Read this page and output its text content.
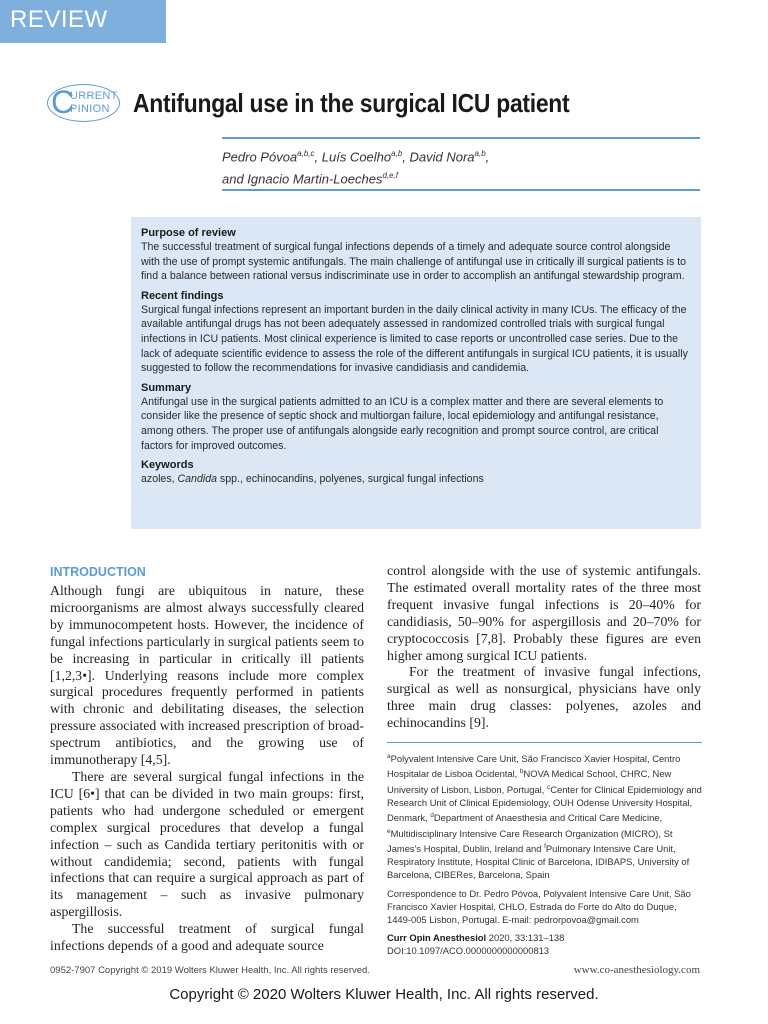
REVIEW
C
URRENT
PINION Antifungal use in the surgical ICU patient
Pedro Póvoa$^{a,b,c}$, Luís Coelho$^{a,b}$, David Nora$^{a,b}$,
and Ignacio Martin-Loeches$^{d,e,f}$
Purpose of review

The successful treatment of surgical fungal infections depends of a timely and adequate source control alongside with the use of prompt systemic antifungals. The main challenge of antifungal use in critically ill surgical patients is to find a balance between rational versus indiscriminate use in order to accomplish an antifungal stewardship program.

Recent findings

Surgical fungal infections represent an important burden in the daily clinical activity in many ICUs. The efficacy of the available antifungal drugs has not been adequately assessed in randomized controlled trials with surgical fungal infections in ICU patients. Most clinical experience is limited to case reports or uncontrolled case series. Due to the lack of adequate scientific evidence to assess the role of the different antifungals in surgical ICU patients, it is usually suggested to follow the recommendations for invasive candidiasis and candidemia.

Summary

Antifungal use in the surgical patients admitted to an ICU is a complex matter and there are several elements to consider like the presence of septic shock and multiorgan failure, local epidemiology and antifungal resistance, among others. The proper use of antifungals alongside early recognition and prompt source control, are critical factors for improved outcomes.

Keywords

azoles, Candida spp., echinocandins, polyenes, surgical fungal infections

INTRODUCTION

Although fungi are ubiquitous in nature, these microorganisms are almost always successfully cleared by immunocompetent hosts. However, the incidence of fungal infections particularly in surgical patients seem to be increasing in particular in critically ill patients [1,2,3•]. Underlying reasons include more complex surgical procedures frequently performed in patients with chronic and debilitating diseases, the selection pressure associated with increased prescription of broad-spectrum antibiotics, and the growing use of immunotherapy [4,5].

There are several surgical fungal infections in the ICU [6•] that can be divided in two main groups: first, patients who had undergone scheduled or emergent complex surgical procedures that develop a fungal infection – such as Candida tertiary peritonitis with or without candidemia; second, patients with fungal infections that can require a surgical approach as part of its management – such as invasive pulmonary aspergillosis.

The successful treatment of surgical fungal infections depends of a good and adequate source

control alongside with the use of systemic antifungals. The estimated overall mortality rates of the three most frequent invasive fungal infections is 20–40% for candidiasis, 50–90% for aspergillosis and 20–70% for cryptococcosis [7,8]. Probably these figures are even higher among surgical ICU patients.

For the treatment of invasive fungal infections, surgical as well as nonsurgical, physicians have only three main drug classes: polyenes, azoles and echinocandins [9].

$^a$Polyvalent Intensive Care Unit, São Francisco Xavier Hospital, Centro Hospitalar de Lisboa Ocidental, $^b$NOVA Medical School, CHRC, New University of Lisbon, Lisbon, Portugal, $^c$Center for Clinical Epidemiology and Research Unit of Clinical Epidemiology, OUH Odense University Hospital, Denmark, $^d$Department of Anaesthesia and Critical Care Medicine, $^e$Multidisciplinary Intensive Care Research Organization (MICRO), St James's Hospital, Dublin, Ireland and $^f$Pulmonary Intensive Care Unit, Respiratory Institute, Hospital Clinic of Barcelona, IDIBAPS, University of Barcelona, CIBERes, Barcelona, Spain

Correspondence to Dr. Pedro Póvoa, Polyvalent Intensive Care Unit, São Francisco Xavier Hospital, CHLO, Estrada do Forte do Alto do Duque, 1449-005 Lisbon, Portugal. E-mail: pedrorpovoa@gmail.com

Curr Opin Anesthesiol 2020, 33:131–138

DOI:10.1097/ACO.0000000000000813

0952-7907 Copyright © 2019 Wolters Kluwer Health, Inc. All rights reserved.	www.co-anesthesiology.com
Copyright © 2020 Wolters Kluwer Health, Inc. All rights reserved.
